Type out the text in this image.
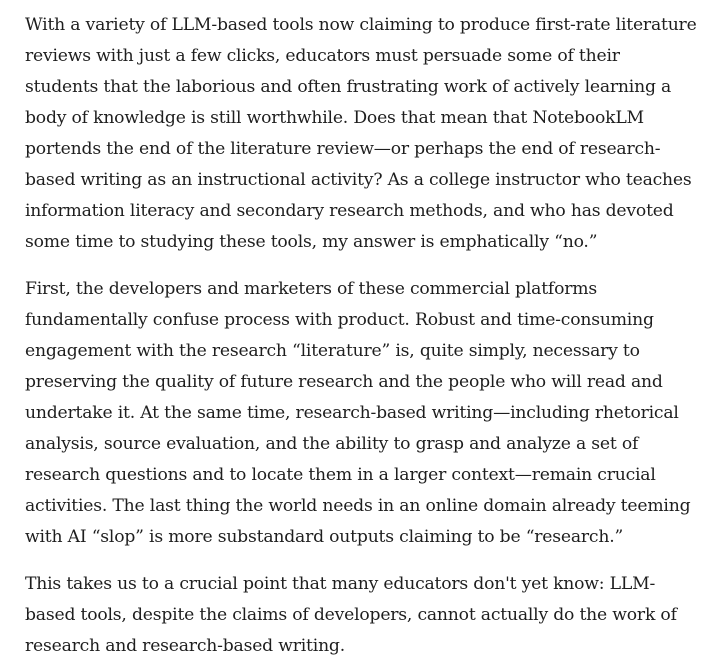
With a variety of LLM-based tools now claiming to produce first-rate literature reviews with just a few clicks, educators must persuade some of their students that the laborious and often frustrating work of actively learning a body of knowledge is still worthwhile. Does that mean that NotebookLM portends the end of the literature review—or perhaps the end of research-based writing as an instructional activity? As a college instructor who teaches information literacy and secondary research methods, and who has devoted some time to studying these tools, my answer is emphatically “no.”

First, the developers and marketers of these commercial platforms fundamentally confuse process with product. Robust and time-consuming engagement with the research “literature” is, quite simply, necessary to preserving the quality of future research and the people who will read and undertake it. At the same time, research-based writing—including rhetorical analysis, source evaluation, and the ability to grasp and analyze a set of research questions and to locate them in a larger context—remain crucial activities. The last thing the world needs in an online domain already teeming with AI “slop” is more substandard outputs claiming to be “research.”

This takes us to a crucial point that many educators don't yet know: LLM-based tools, despite the claims of developers, cannot actually do the work of research and research-based writing.
